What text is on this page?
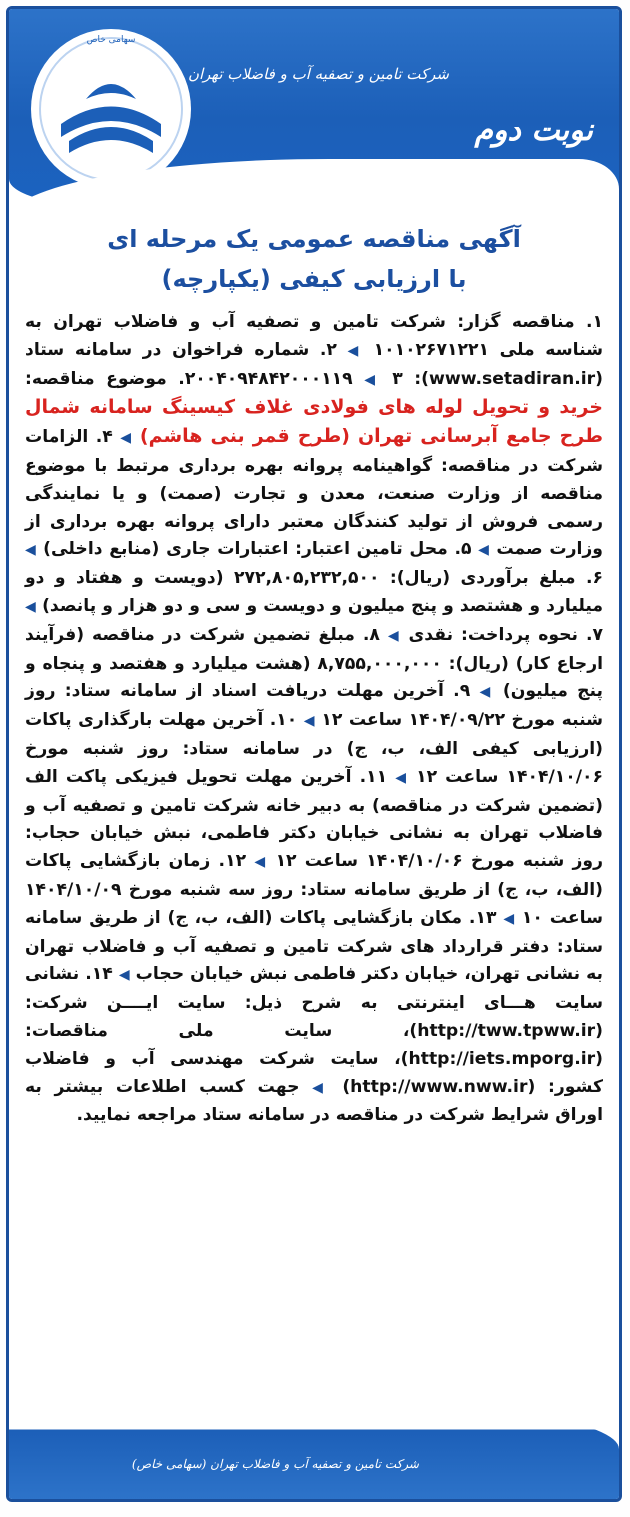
سهامی خاص
شرکت تامین و تصفیه آب و فاضلاب تهران
نوبت دوم
آگهی مناقصه عمومی یک مرحله ای
با ارزیابی کیفی (یکپارچه)
۱. مناقصه گزار: شرکت تامین و تصفیه آب و فاضلاب تهران به شناسه ملی ۱۰۱۰۲۶۷۱۲۲۱ ◀ ۲. شماره فراخوان در سامانه ستاد (www.setadiran.ir): ۲۰۰۴۰۹۴۸۴۲۰۰۰۱۱۹ ◀ ۳. موضوع مناقصه: خرید و تحویل لوله های فولادی غلاف کیسینگ سامانه شمال طرح جامع آبرسانی تهران (طرح قمر بنی هاشم) ◀ ۴. الزامات شرکت در مناقصه: گواهینامه پروانه بهره برداری مرتبط با موضوع مناقصه از وزارت صنعت، معدن و تجارت (صمت) و یا نمایندگی رسمی فروش از تولید کنندگان معتبر دارای پروانه بهره برداری از وزارت صمت ◀ ۵. محل تامین اعتبار: اعتبارات جاری (منابع داخلی) ◀ ۶. مبلغ برآوردی (ریال): ۲۷۲,۸۰۵,۲۳۲,۵۰۰ (دویست و هفتاد و دو میلیارد و هشتصد و پنج میلیون و دویست و سی و دو هزار و پانصد) ◀ ۷. نحوه پرداخت: نقدی ◀ ۸. مبلغ تضمین شرکت در مناقصه (فرآیند ارجاع کار) (ریال): ۸,۷۵۵,۰۰۰,۰۰۰ (هشت میلیارد و هفتصد و پنجاه و پنج میلیون) ◀ ۹. آخرین مهلت دریافت اسناد از سامانه ستاد: روز شنبه مورخ ۱۴۰۴/۰۹/۲۲ ساعت ۱۲ ◀ ۱۰. آخرین مهلت بارگذاری پاکات (ارزیابی کیفی الف، ب، ج) در سامانه ستاد: روز شنبه مورخ ۱۴۰۴/۱۰/۰۶ ساعت ۱۲ ◀ ۱۱. آخرین مهلت تحویل فیزیکی پاکت الف (تضمین شرکت در مناقصه) به دبیر خانه شرکت تامین و تصفیه آب و فاضلاب تهران به نشانی خیابان دکتر فاطمی، نبش خیابان حجاب: روز شنبه مورخ ۱۴۰۴/۱۰/۰۶ ساعت ۱۲ ◀ ۱۲. زمان بازگشایی پاکات (الف، ب، ج) از طریق سامانه ستاد: روز سه شنبه مورخ ۱۴۰۴/۱۰/۰۹ ساعت ۱۰ ◀ ۱۳. مکان بازگشایی پاکات (الف، ب، ج) از طریق سامانه ستاد: دفتر قرارداد های شرکت تامین و تصفیه آب و فاضلاب تهران به نشانی تهران، خیابان دکتر فاطمی نبش خیابان حجاب ◀ ۱۴. نشانی سایت هـــای اینترنتی به شرح ذیل: سایت ایــــن شرکت: (http://tww.tpww.ir)، سایت ملی مناقصات: (http://iets.mporg.ir)، سایت شرکت مهندسی آب و فاضلاب کشور: (http://www.nww.ir) ◀ جهت کسب اطلاعات بیشتر به اوراق شرایط شرکت در مناقصه در سامانه ستاد مراجعه نمایید.
شرکت تامین و تصفیه آب و فاضلاب تهران (سهامی خاص)
